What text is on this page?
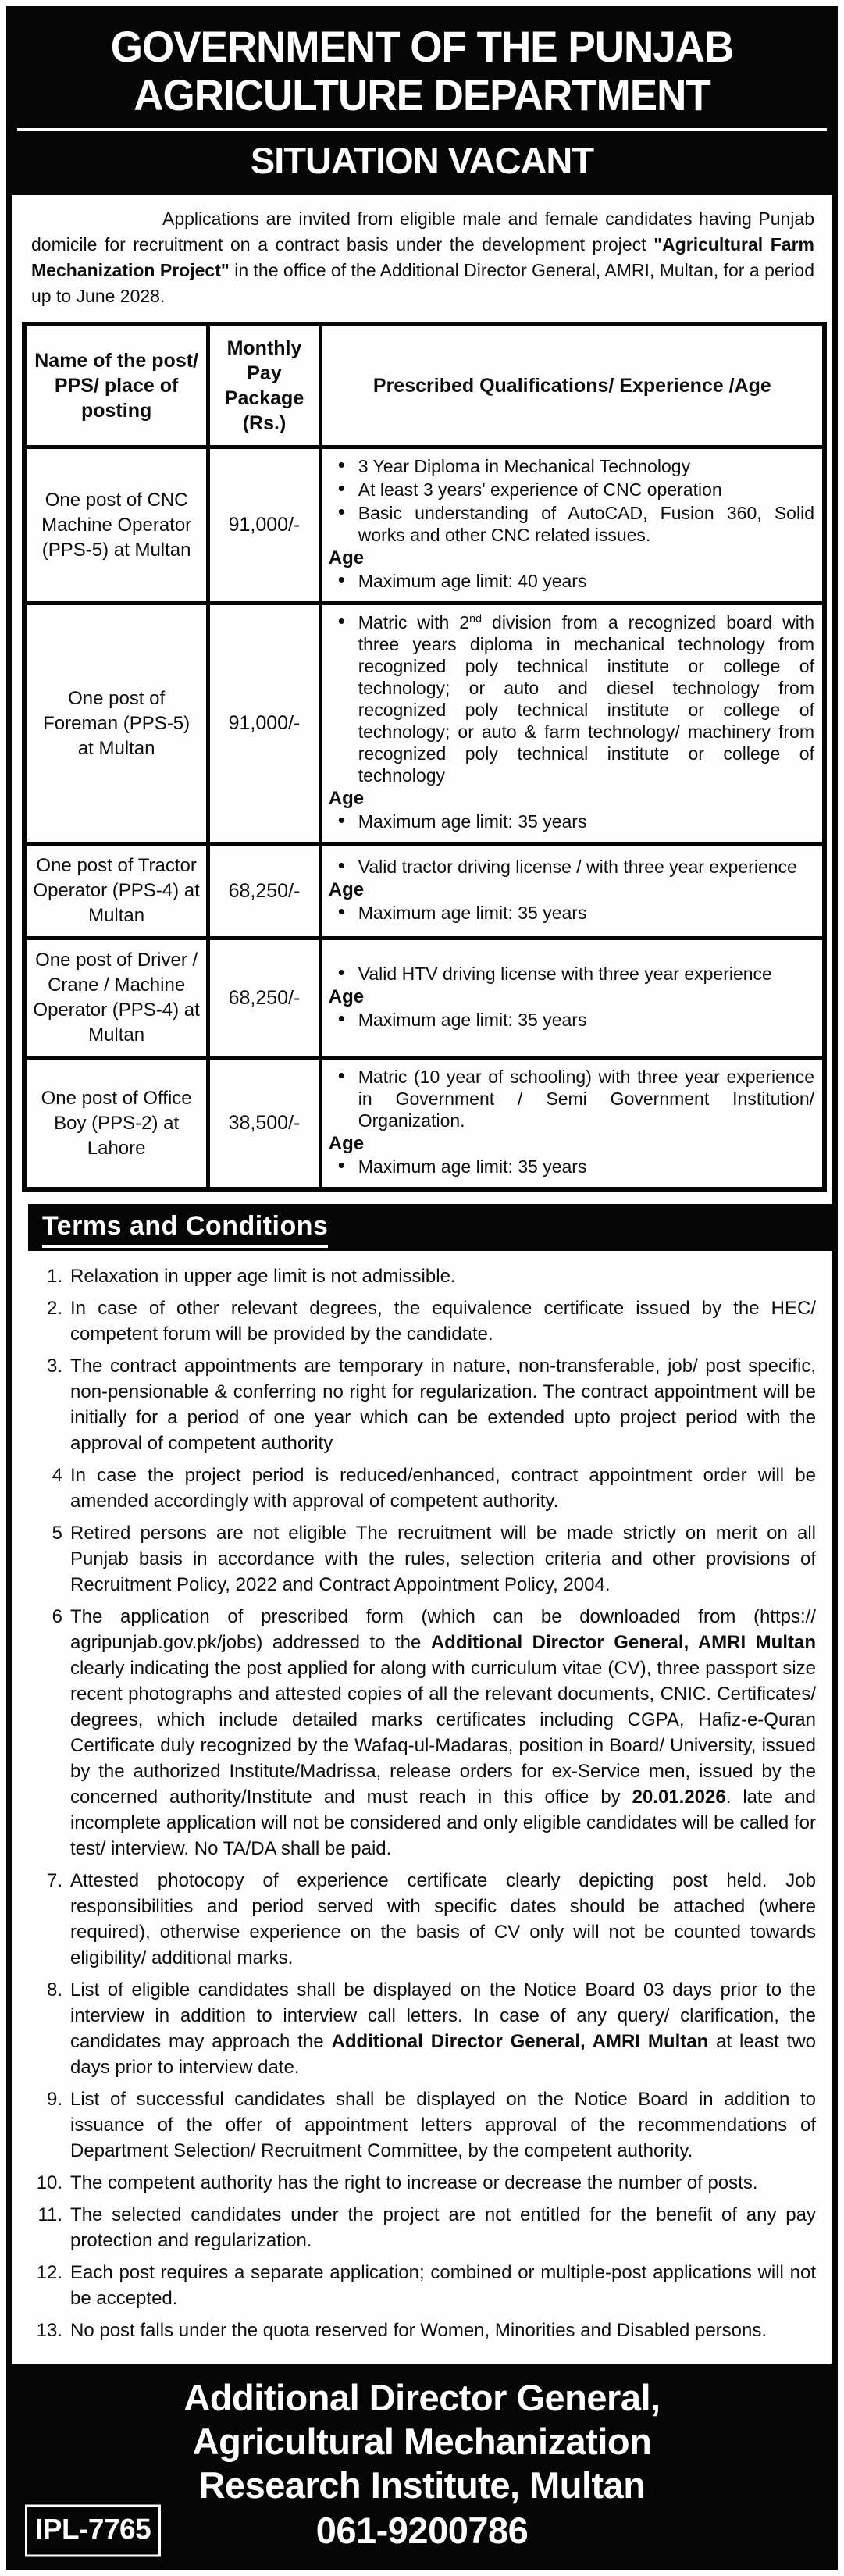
GOVERNMENT OF THE PUNJAB
AGRICULTURE DEPARTMENT
SITUATION VACANT

Applications are invited from eligible male and female candidates having Punjab domicile for recruitment on a contract basis under the development project "Agricultural Farm Mechanization Project" in the office of the Additional Director General, AMRI, Multan, for a period up to June 2028.

Name of the post/ PPS/ place of posting	Monthly Pay Package (Rs.)	Prescribed Qualifications/ Experience /Age
One post of CNC Machine Operator (PPS-5) at Multan	91,000/-	
• 3 Year Diploma in Mechanical Technology
• At least 3 years' experience of CNC operation
• Basic understanding of AutoCAD, Fusion 360, Solid works and other CNC related issues.
Age
• Maximum age limit: 40 years

One post of Foreman (PPS-5) at Multan	91,000/-	
• Matric with 2nd division from a recognized board with three years diploma in mechanical technology from recognized poly technical institute or college of technology; or auto and diesel technology from recognized poly technical institute or college of technology; or auto & farm technology/ machinery from recognized poly technical institute or college of technology
Age
• Maximum age limit: 35 years

One post of Tractor Operator (PPS-4) at Multan	68,250/-	
• Valid tractor driving license / with three year experience
Age
• Maximum age limit: 35 years

One post of Driver / Crane / Machine Operator (PPS-4) at Multan	68,250/-	
• Valid HTV driving license with three year experience
Age
• Maximum age limit: 35 years

One post of Office Boy (PPS-2) at Lahore	38,500/-	
• Matric (10 year of schooling) with three year experience in Government / Semi Government Institution/ Organization.
Age
• Maximum age limit: 35 years
Terms and Conditions
1. Relaxation in upper age limit is not admissible.
2. In case of other relevant degrees, the equivalence certificate issued by the HEC/ competent forum will be provided by the candidate.
3. The contract appointments are temporary in nature, non-transferable, job/ post specific, non-pensionable & conferring no right for regularization. The contract appointment will be initially for a period of one year which can be extended upto project period with the approval of competent authority
4 In case the project period is reduced/enhanced, contract appointment order will be amended accordingly with approval of competent authority.
5 Retired persons are not eligible The recruitment will be made strictly on merit on all Punjab basis in accordance with the rules, selection criteria and other provisions of Recruitment Policy, 2022 and Contract Appointment Policy, 2004.
6 The application of prescribed form (which can be downloaded from (https:// agripunjab.gov.pk/jobs) addressed to the Additional Director General, AMRI Multan clearly indicating the post applied for along with curriculum vitae (CV), three passport size recent photographs and attested copies of all the relevant documents, CNIC. Certificates/ degrees, which include detailed marks certificates including CGPA, Hafiz-e-Quran Certificate duly recognized by the Wafaq-ul-Madaras, position in Board/ University, issued by the authorized Institute/Madrissa, release orders for ex-Service men, issued by the concerned authority/Institute and must reach in this office by 20.01.2026. late and incomplete application will not be considered and only eligible candidates will be called for test/ interview. No TA/DA shall be paid.
7. Attested photocopy of experience certificate clearly depicting post held. Job responsibilities and period served with specific dates should be attached (where required), otherwise experience on the basis of CV only will not be counted towards eligibility/ additional marks.
8. List of eligible candidates shall be displayed on the Notice Board 03 days prior to the interview in addition to interview call letters. In case of any query/ clarification, the candidates may approach the Additional Director General, AMRI Multan at least two days prior to interview date.
9. List of successful candidates shall be displayed on the Notice Board in addition to issuance of the offer of appointment letters approval of the recommendations of Department Selection/ Recruitment Committee, by the competent authority.
10. The competent authority has the right to increase or decrease the number of posts.
11. The selected candidates under the project are not entitled for the benefit of any pay protection and regularization.
12. Each post requires a separate application; combined or multiple-post applications will not be accepted.
13. No post falls under the quota reserved for Women, Minorities and Disabled persons.
Additional Director General,
Agricultural Mechanization
Research Institute, Multan
IPL-7765	061-9200786
